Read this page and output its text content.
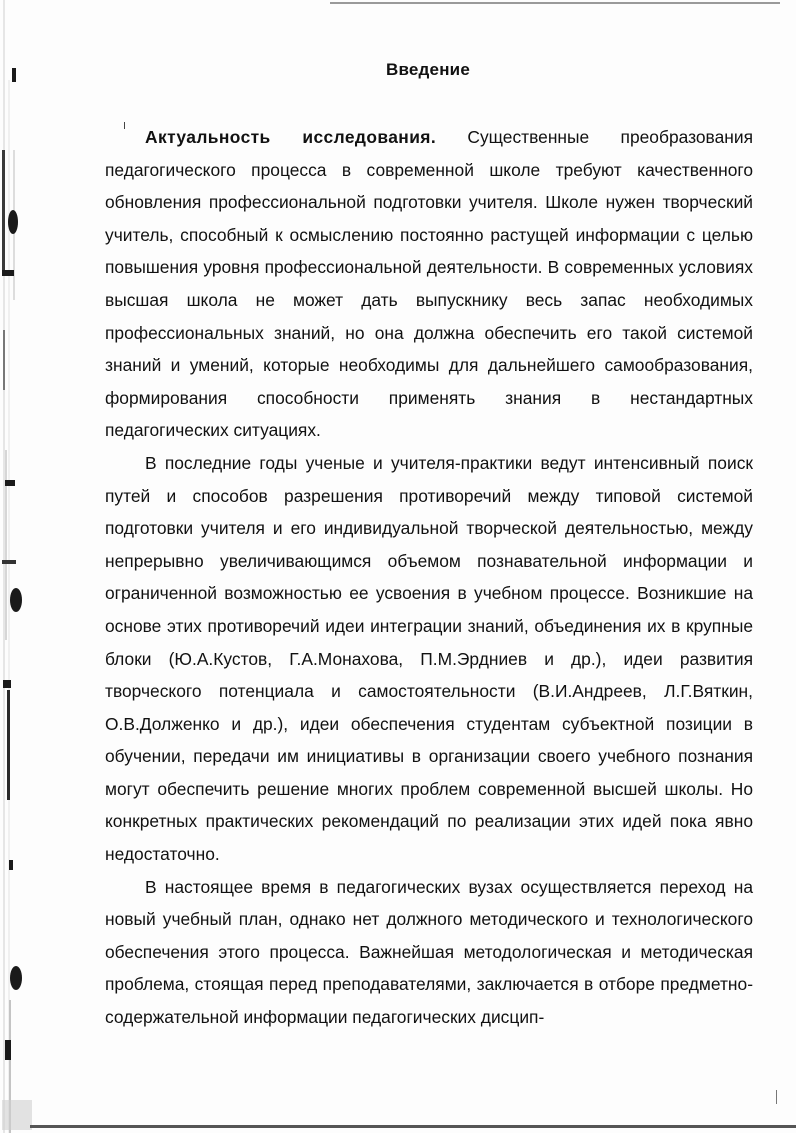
Введение

Актуальность исследования. Существенные преобразования педагогического процесса в современной школе требуют качественного обновления профессиональной подготовки учителя. Школе нужен творческий учитель, способный к осмыслению постоянно растущей информации с целью повышения уровня профессиональной деятельности. В современных условиях высшая школа не может дать выпускнику весь запас необходимых профессиональных знаний, но она должна обеспечить его такой системой знаний и умений, которые необходимы для дальнейшего самообразования, формирования способности применять знания в нестандартных педагогических ситуациях.

В последние годы ученые и учителя-практики ведут интенсивный поиск путей и способов разрешения противоречий между типовой системой подготовки учителя и его индивидуальной творческой деятельностью, между непрерывно увеличивающимся объемом познавательной информации и ограниченной возможностью ее усвоения в учебном процессе. Возникшие на основе этих противоречий идеи интеграции знаний, объединения их в крупные блоки (Ю.А.Кустов, Г.А.Монахова, П.М.Эрдниев и др.), идеи развития творческого потенциала и самостоятельности (В.И.Андреев, Л.Г.Вяткин, О.В.Долженко и др.), идеи обеспечения студентам субъектной позиции в обучении, передачи им инициативы в организации своего учебного познания могут обеспечить решение многих проблем современной высшей школы. Но конкретных практических рекомендаций по реализации этих идей пока явно недостаточно.

В настоящее время в педагогических вузах осуществляется переход на новый учебный план, однако нет должного методического и технологического обеспечения этого процесса. Важнейшая методологическая и методическая проблема, стоящая перед преподавателями, заключается в отборе предметно-содержательной информации педагогических дисцип-
